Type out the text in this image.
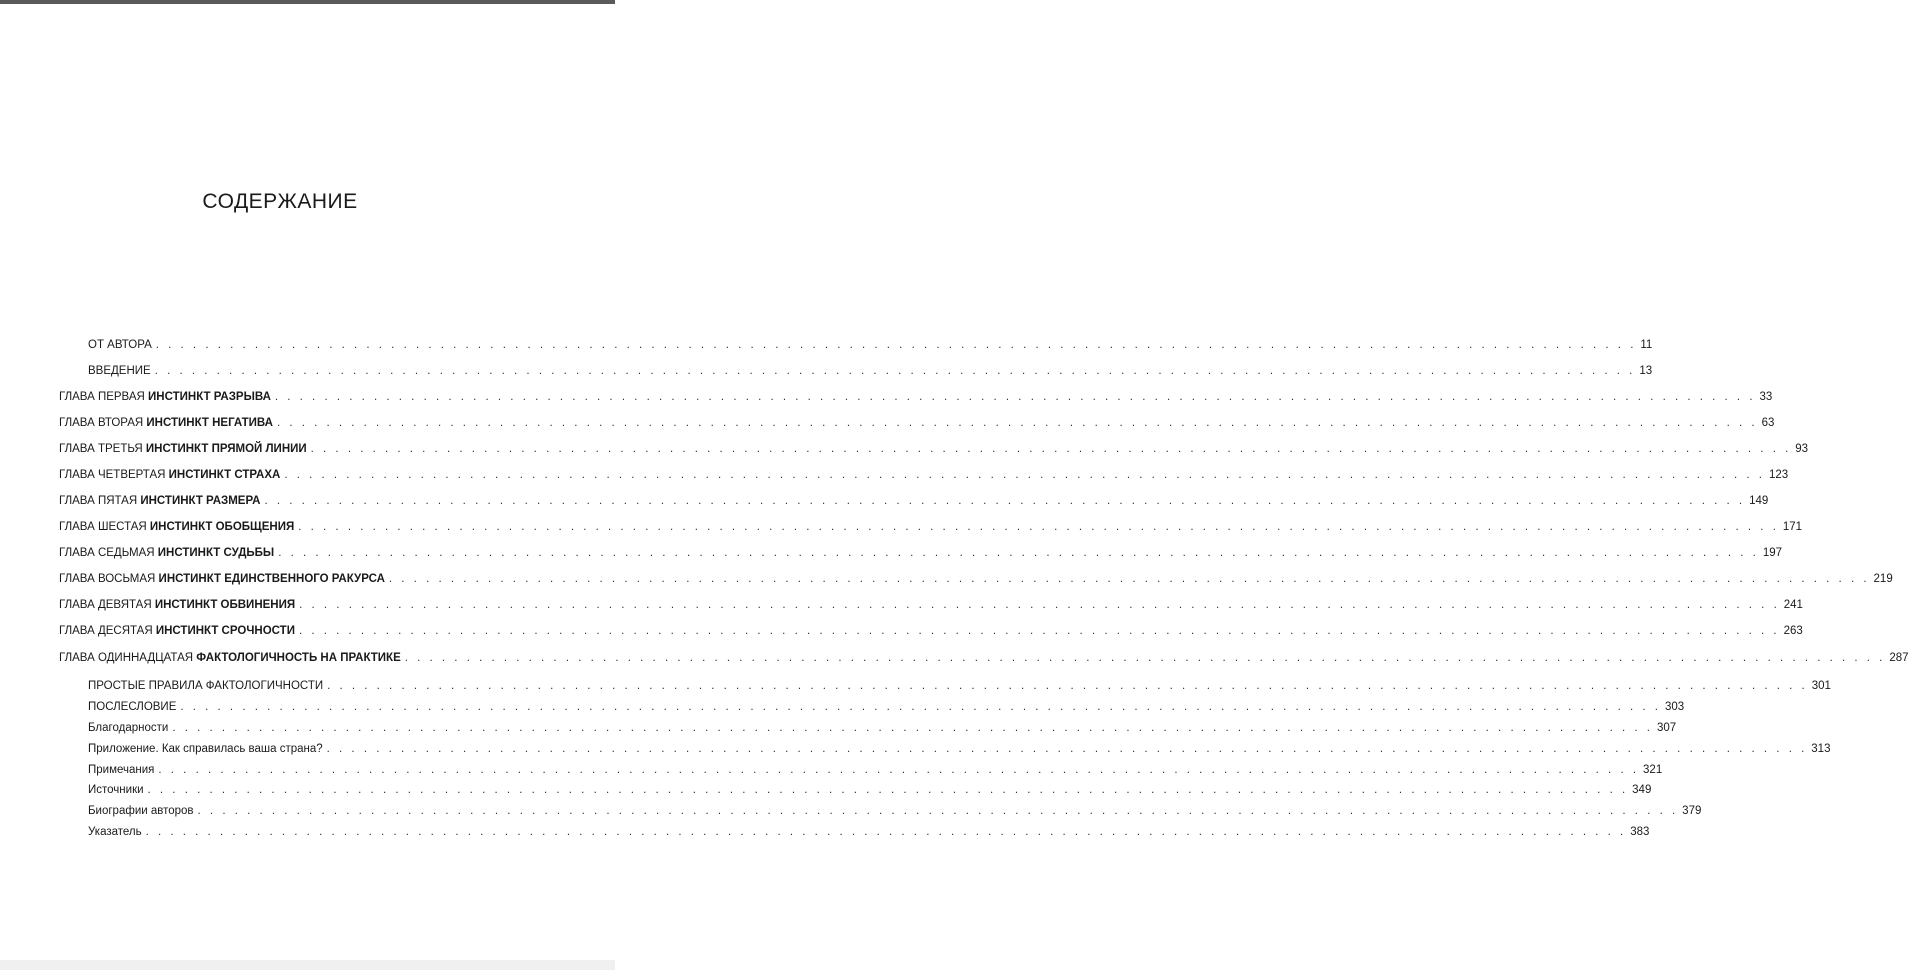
СОДЕРЖАНИЕ
ОТ АВТОРА . . . . . . . . . . . . . . . . . . . . . . . . . . . . . . . . . . . . . . . . . . . . . . . . . . . . . . . . . . . . . . . . . . . . . . . . . . . . . . . . . . . . . . . . . . . . . . . . . . . . . . . . . . . . . . . . . . . . . . . . 11
ВВЕДЕНИЕ . . . . . . . . . . . . . . . . . . . . . . . . . . . . . . . . . . . . . . . . . . . . . . . . . . . . . . . . . . . . . . . . . . . . . . . . . . . . . . . . . . . . . . . . . . . . . . . . . . . . . . . . . . . . . . . . . . . . . . . . 13
ГЛАВА ПЕРВАЯ ИНСТИНКТ РАЗРЫВА . . . . . . . . . . . . . . . . . . . . . . . . . . . . . . . . . . . . . . . . . . . . . . . . . . . . . . . . . . . . . . . . . . . . . . . . . . . . . . . . . . . . . . . . . . . . . . . . . . . . . . . . . . . . . . . . . . . . . . . . 33
ГЛАВА ВТОРАЯ ИНСТИНКТ НЕГАТИВА . . . . . . . . . . . . . . . . . . . . . . . . . . . . . . . . . . . . . . . . . . . . . . . . . . . . . . . . . . . . . . . . . . . . . . . . . . . . . . . . . . . . . . . . . . . . . . . . . . . . . . . . . . . . . . . . . . . . . . . . 63
ГЛАВА ТРЕТЬЯ ИНСТИНКТ ПРЯМОЙ ЛИНИИ . . . . . . . . . . . . . . . . . . . . . . . . . . . . . . . . . . . . . . . . . . . . . . . . . . . . . . . . . . . . . . . . . . . . . . . . . . . . . . . . . . . . . . . . . . . . . . . . . . . . . . . . . . . . . . . . . . . . . . . . 93
ГЛАВА ЧЕТВЕРТАЯ ИНСТИНКТ СТРАХА . . . . . . . . . . . . . . . . . . . . . . . . . . . . . . . . . . . . . . . . . . . . . . . . . . . . . . . . . . . . . . . . . . . . . . . . . . . . . . . . . . . . . . . . . . . . . . . . . . . . . . . . . . . . . . . . . . . . . . . . 123
ГЛАВА ПЯТАЯ ИНСТИНКТ РАЗМЕРА . . . . . . . . . . . . . . . . . . . . . . . . . . . . . . . . . . . . . . . . . . . . . . . . . . . . . . . . . . . . . . . . . . . . . . . . . . . . . . . . . . . . . . . . . . . . . . . . . . . . . . . . . . . . . . . . . . . . . . . . 149
ГЛАВА ШЕСТАЯ ИНСТИНКТ ОБОБЩЕНИЯ . . . . . . . . . . . . . . . . . . . . . . . . . . . . . . . . . . . . . . . . . . . . . . . . . . . . . . . . . . . . . . . . . . . . . . . . . . . . . . . . . . . . . . . . . . . . . . . . . . . . . . . . . . . . . . . . . . . . . . . . 171
ГЛАВА СЕДЬМАЯ ИНСТИНКТ СУДЬБЫ . . . . . . . . . . . . . . . . . . . . . . . . . . . . . . . . . . . . . . . . . . . . . . . . . . . . . . . . . . . . . . . . . . . . . . . . . . . . . . . . . . . . . . . . . . . . . . . . . . . . . . . . . . . . . . . . . . . . . . . . 197
ГЛАВА ВОСЬМАЯ ИНСТИНКТ ЕДИНСТВЕННОГО РАКУРСА . . . . . . . . . . . . . . . . . . . . . . . . . . . . . . . . . . . . . . . . . . . . . . . . . . . . . . . . . . . . . . . . . . . . . . . . . . . . . . . . . . . . . . . . . . . . . . . . . . . . . . . . . . . . . . . . . . . . . . . . 219
ГЛАВА ДЕВЯТАЯ ИНСТИНКТ ОБВИНЕНИЯ . . . . . . . . . . . . . . . . . . . . . . . . . . . . . . . . . . . . . . . . . . . . . . . . . . . . . . . . . . . . . . . . . . . . . . . . . . . . . . . . . . . . . . . . . . . . . . . . . . . . . . . . . . . . . . . . . . . . . . . . 241
ГЛАВА ДЕСЯТАЯ ИНСТИНКТ СРОЧНОСТИ . . . . . . . . . . . . . . . . . . . . . . . . . . . . . . . . . . . . . . . . . . . . . . . . . . . . . . . . . . . . . . . . . . . . . . . . . . . . . . . . . . . . . . . . . . . . . . . . . . . . . . . . . . . . . . . . . . . . . . . . 263
ГЛАВА ОДИННАДЦАТАЯ ФАКТОЛОГИЧНОСТЬ НА ПРАКТИКЕ . . . . . . . . . . . . . . . . . . . . . . . . . . . . . . . . . . . . . . . . . . . . . . . . . . . . . . . . . . . . . . . . . . . . . . . . . . . . . . . . . . . . . . . . . . . . . . . . . . . . . . . . . . . . . . . . . . . . . . . . 287
ПРОСТЫЕ ПРАВИЛА ФАКТОЛОГИЧНОСТИ . . . . . . . . . . . . . . . . . . . . . . . . . . . . . . . . . . . . . . . . . . . . . . . . . . . . . . . . . . . . . . . . . . . . . . . . . . . . . . . . . . . . . . . . . . . . . . . . . . . . . . . . . . . . . . . . . . . . . . . . 301
ПОСЛЕСЛОВИЕ . . . . . . . . . . . . . . . . . . . . . . . . . . . . . . . . . . . . . . . . . . . . . . . . . . . . . . . . . . . . . . . . . . . . . . . . . . . . . . . . . . . . . . . . . . . . . . . . . . . . . . . . . . . . . . . . . . . . . . . . 303
Благодарности . . . . . . . . . . . . . . . . . . . . . . . . . . . . . . . . . . . . . . . . . . . . . . . . . . . . . . . . . . . . . . . . . . . . . . . . . . . . . . . . . . . . . . . . . . . . . . . . . . . . . . . . . . . . . . . . . . . . . . . . 307
Приложение. Как справилась ваша страна? . . . . . . . . . . . . . . . . . . . . . . . . . . . . . . . . . . . . . . . . . . . . . . . . . . . . . . . . . . . . . . . . . . . . . . . . . . . . . . . . . . . . . . . . . . . . . . . . . . . . . . . . . . . . . . . . . . . . . . . . 313
Примечания . . . . . . . . . . . . . . . . . . . . . . . . . . . . . . . . . . . . . . . . . . . . . . . . . . . . . . . . . . . . . . . . . . . . . . . . . . . . . . . . . . . . . . . . . . . . . . . . . . . . . . . . . . . . . . . . . . . . . . . . 321
Источники . . . . . . . . . . . . . . . . . . . . . . . . . . . . . . . . . . . . . . . . . . . . . . . . . . . . . . . . . . . . . . . . . . . . . . . . . . . . . . . . . . . . . . . . . . . . . . . . . . . . . . . . . . . . . . . . . . . . . . . . 349
Биографии авторов . . . . . . . . . . . . . . . . . . . . . . . . . . . . . . . . . . . . . . . . . . . . . . . . . . . . . . . . . . . . . . . . . . . . . . . . . . . . . . . . . . . . . . . . . . . . . . . . . . . . . . . . . . . . . . . . . . . . . . . . 379
Указатель . . . . . . . . . . . . . . . . . . . . . . . . . . . . . . . . . . . . . . . . . . . . . . . . . . . . . . . . . . . . . . . . . . . . . . . . . . . . . . . . . . . . . . . . . . . . . . . . . . . . . . . . . . . . . . . . . . . . . . . . 383
